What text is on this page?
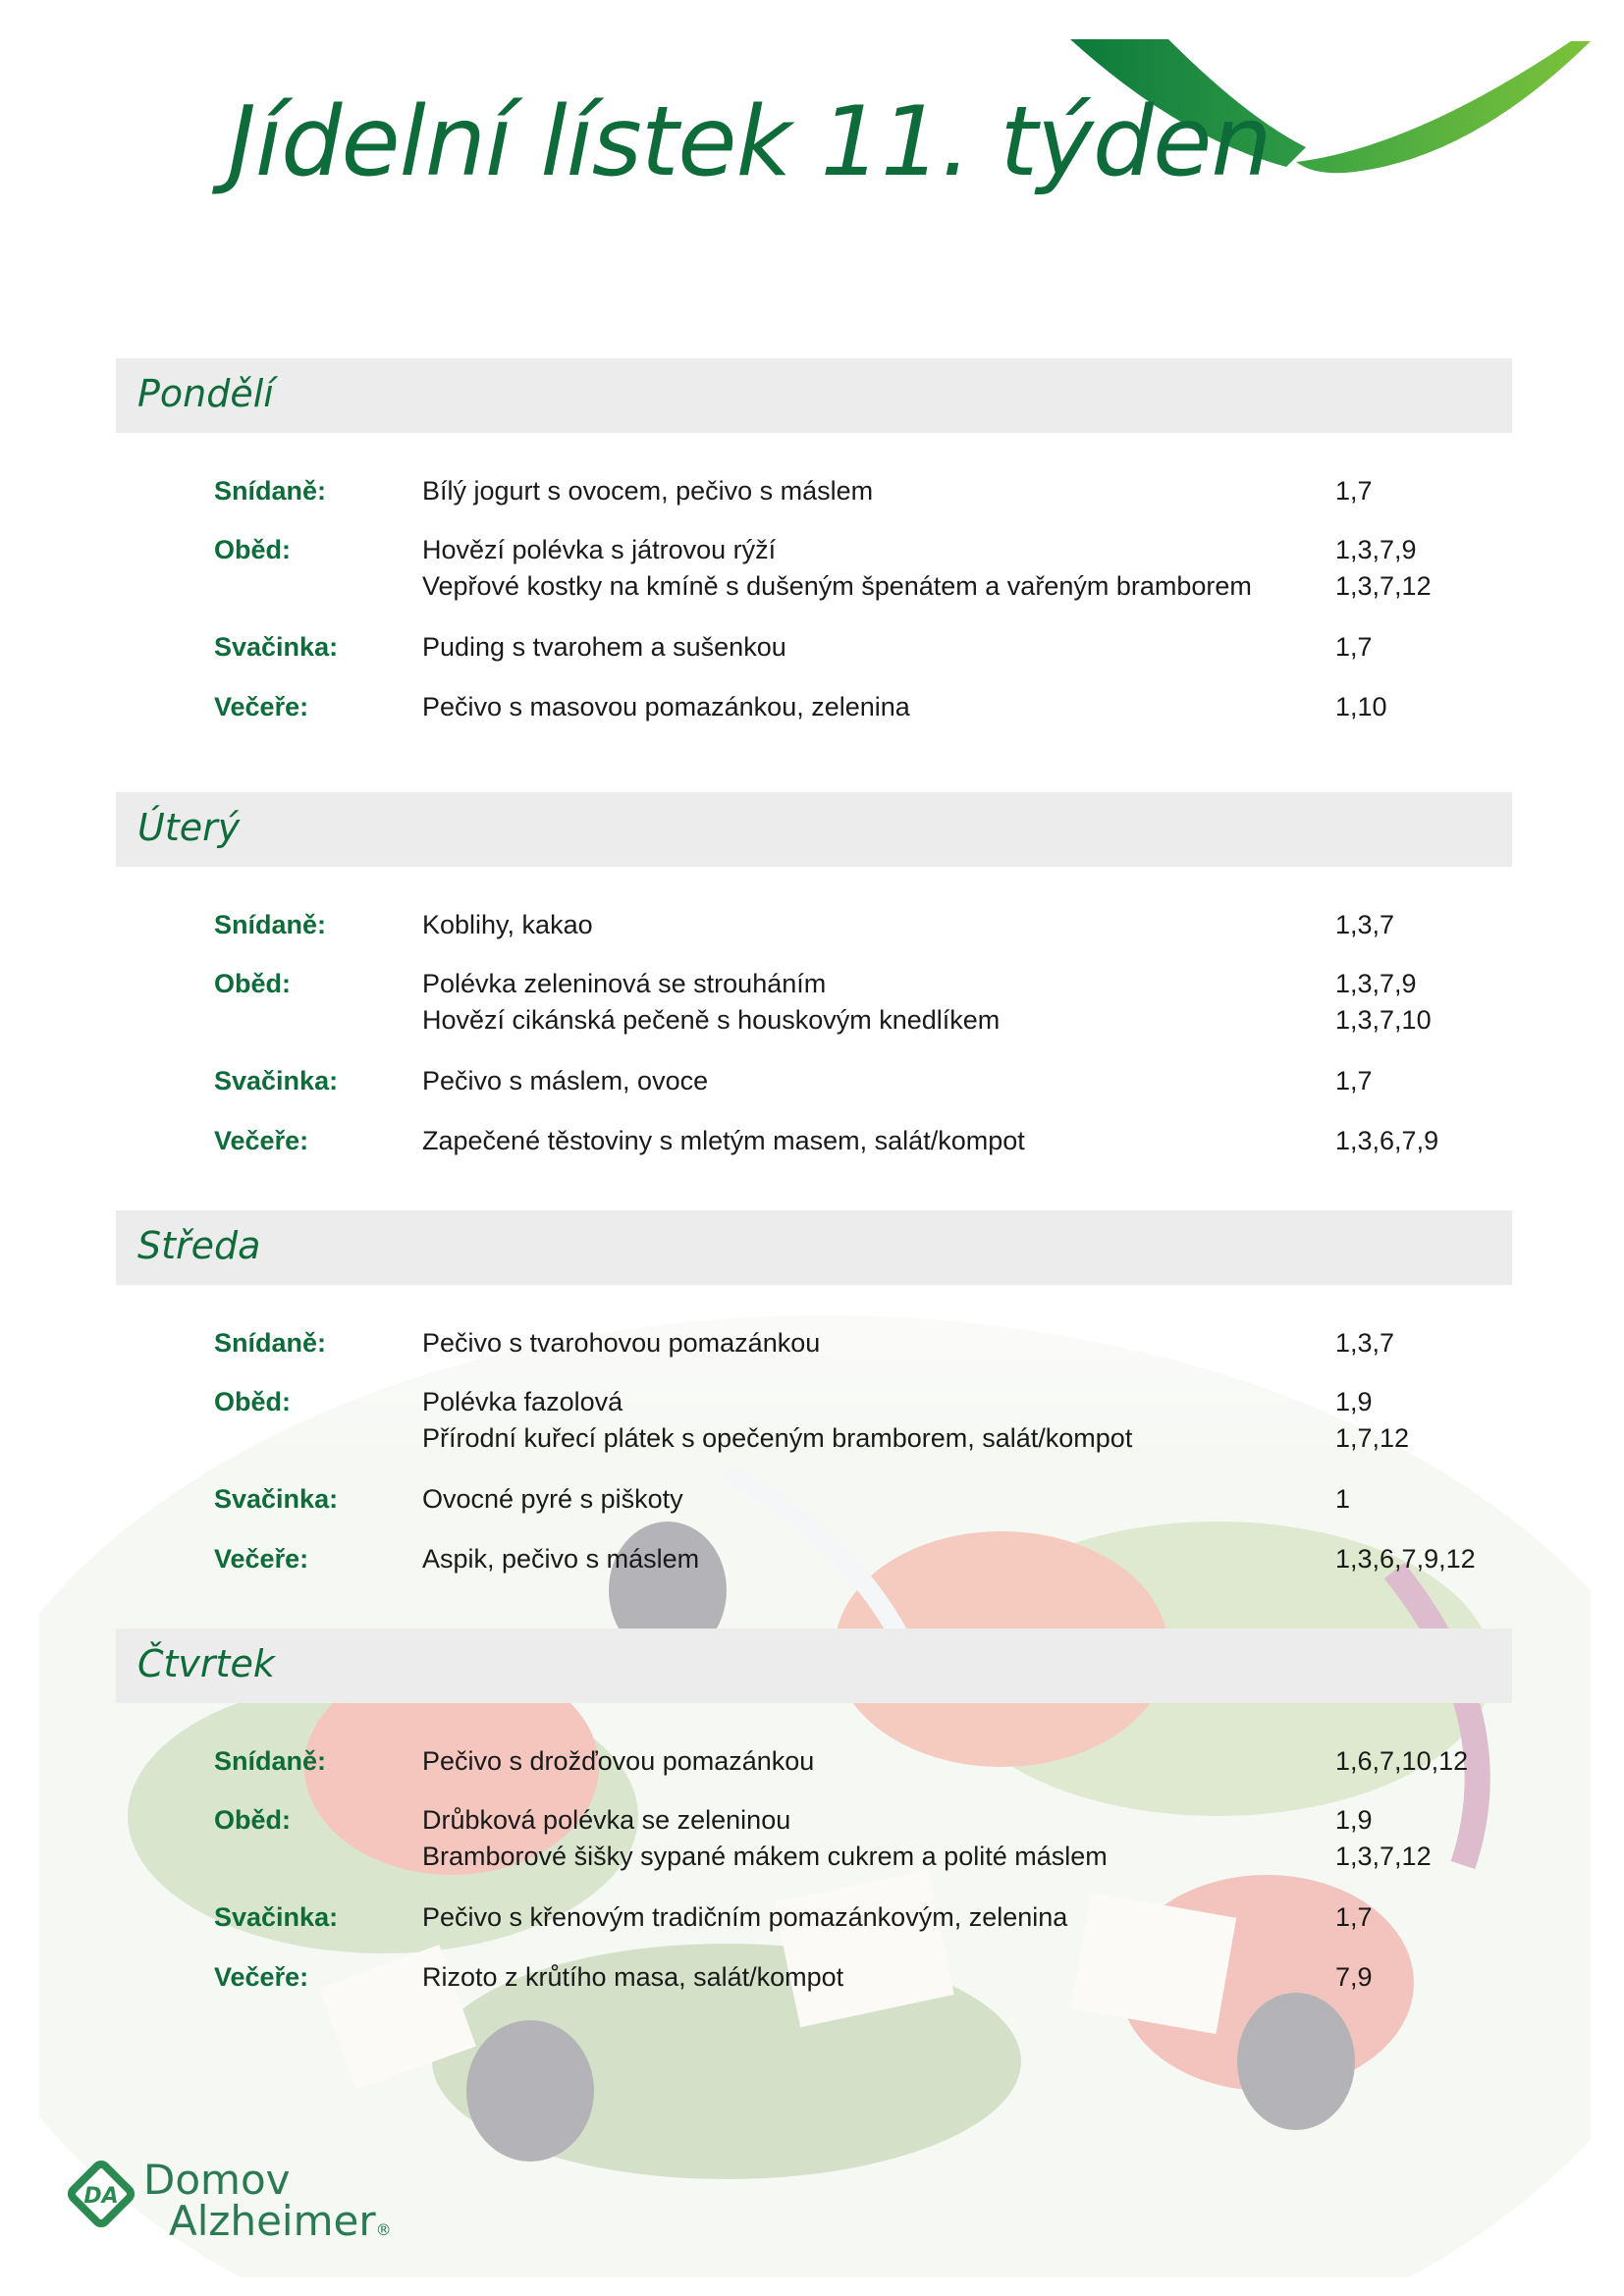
Jídelní lístek 11. týden
Pondělí
Snídaně:	Bílý jogurt s ovocem, pečivo s máslem	1,7
Oběd:	Hovězí polévka s játrovou rýží	1,3,7,9
Vepřové kostky na kmíně s dušeným špenátem a vařeným bramborem	1,3,7,12
Svačinka:	Puding s tvarohem a sušenkou	1,7
Večeře:	Pečivo s masovou pomazánkou, zelenina	1,10
Úterý
Snídaně:	Koblihy, kakao	1,3,7
Oběd:	Polévka zeleninová se strouháním	1,3,7,9
Hovězí cikánská pečeně s houskovým knedlíkem	1,3,7,10
Svačinka:	Pečivo s máslem, ovoce	1,7
Večeře:	Zapečené těstoviny s mletým masem, salát/kompot	1,3,6,7,9
Středa
Snídaně:	Pečivo s tvarohovou pomazánkou	1,3,7
Oběd:	Polévka fazolová	1,9
Přírodní kuřecí plátek s opečeným bramborem, salát/kompot	1,7,12
Svačinka:	Ovocné pyré s piškoty	1
Večeře:	Aspik, pečivo s máslem	1,3,6,7,9,12
Čtvrtek
Snídaně:	Pečivo s drožďovou pomazánkou	1,6,7,10,12
Oběd:	Drůbková polévka se zeleninou	1,9
Bramborové šišky sypané mákem cukrem a polité máslem	1,3,7,12
Svačinka:	Pečivo s křenovým tradičním pomazánkovým, zelenina	1,7
Večeře:	Rizoto z krůtího masa, salát/kompot	7,9
DA Domov
Alzheimer®
